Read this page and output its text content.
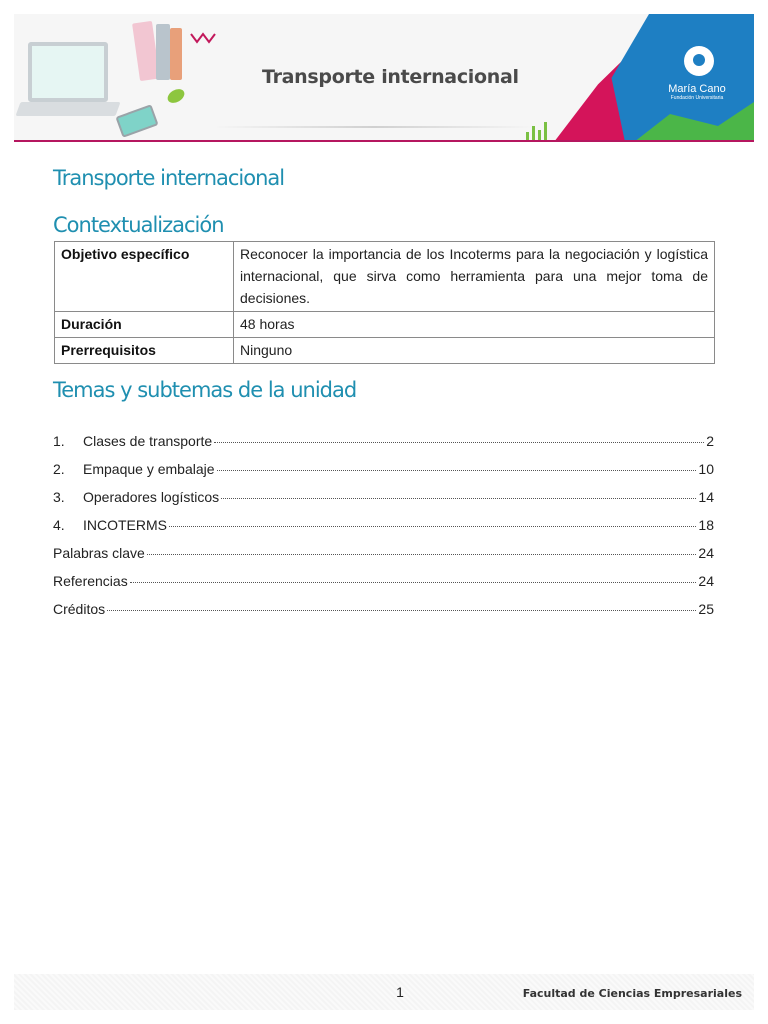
María Cano
Fundación Universitaria
Transporte internacional
Transporte internacional
Contextualización
Objetivo específico	Reconocer la importancia de los Incoterms para la negociación y logística internacional, que sirva como herramienta para una mejor toma de decisiones.
Duración	48 horas
Prerrequisitos	Ninguno
Temas y subtemas de la unidad
1.	Clases de transporte	2
2.	Empaque y embalaje	10
3.	Operadores logísticos	14
4.	INCOTERMS	18
Palabras clave	24
Referencias	24
Créditos	25
1	Facultad de Ciencias Empresariales
